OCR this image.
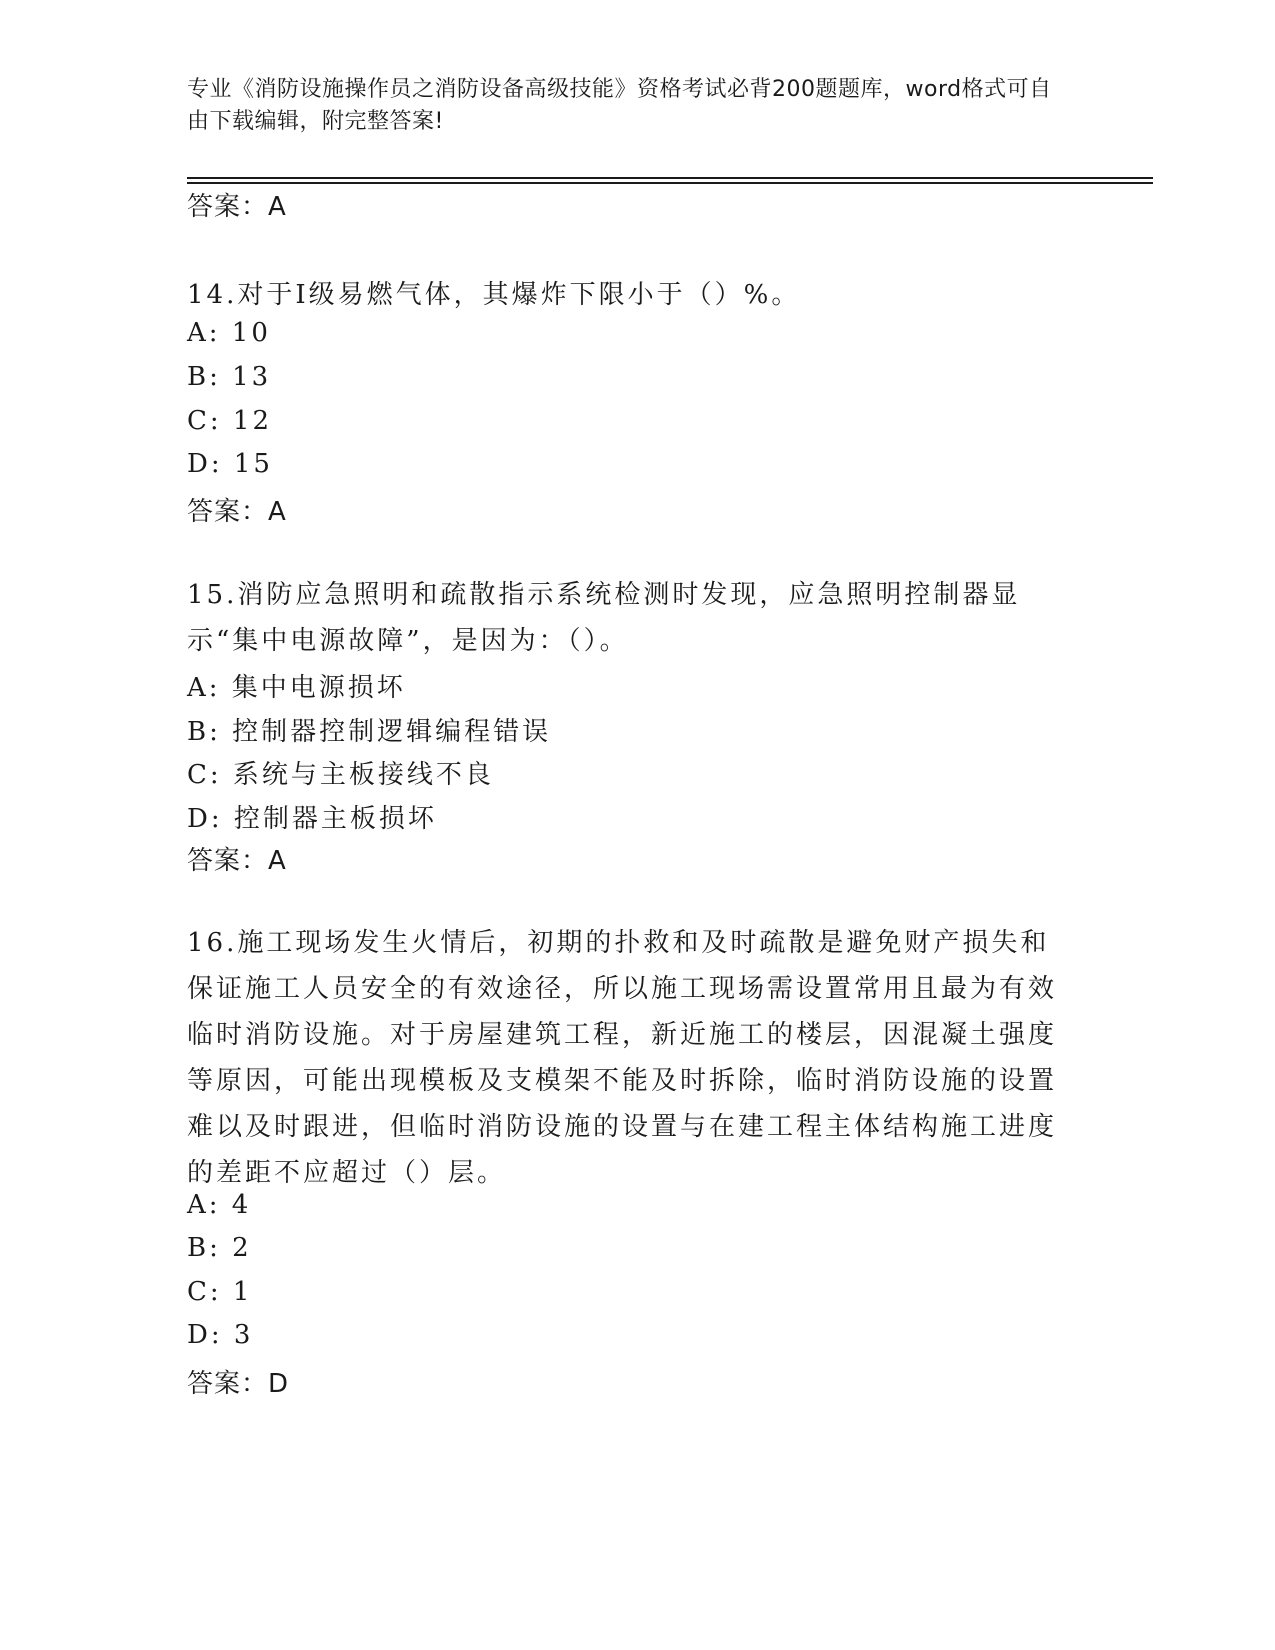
专业《消防设施操作员之消防设备高级技能》资格考试必背200题题库，word格式可自由下载编辑，附完整答案!
答案：A
14.对于Ⅰ级易燃气体，其爆炸下限小于（）%。
A: 10
B: 13
C: 12
D: 15
答案：A
15.消防应急照明和疏散指示系统检测时发现，应急照明控制器显示“集中电源故障”，是因为：（）。
A: 集中电源损坏
B: 控制器控制逻辑编程错误
C: 系统与主板接线不良
D: 控制器主板损坏
答案：A
16.施工现场发生火情后，初期的扑救和及时疏散是避免财产损失和保证施工人员安全的有效途径，所以施工现场需设置常用且最为有效临时消防设施。对于房屋建筑工程，新近施工的楼层，因混凝土强度等原因，可能出现模板及支模架不能及时拆除，临时消防设施的设置难以及时跟进，但临时消防设施的设置与在建工程主体结构施工进度的差距不应超过（）层。
A: 4
B: 2
C: 1
D: 3
答案：D
